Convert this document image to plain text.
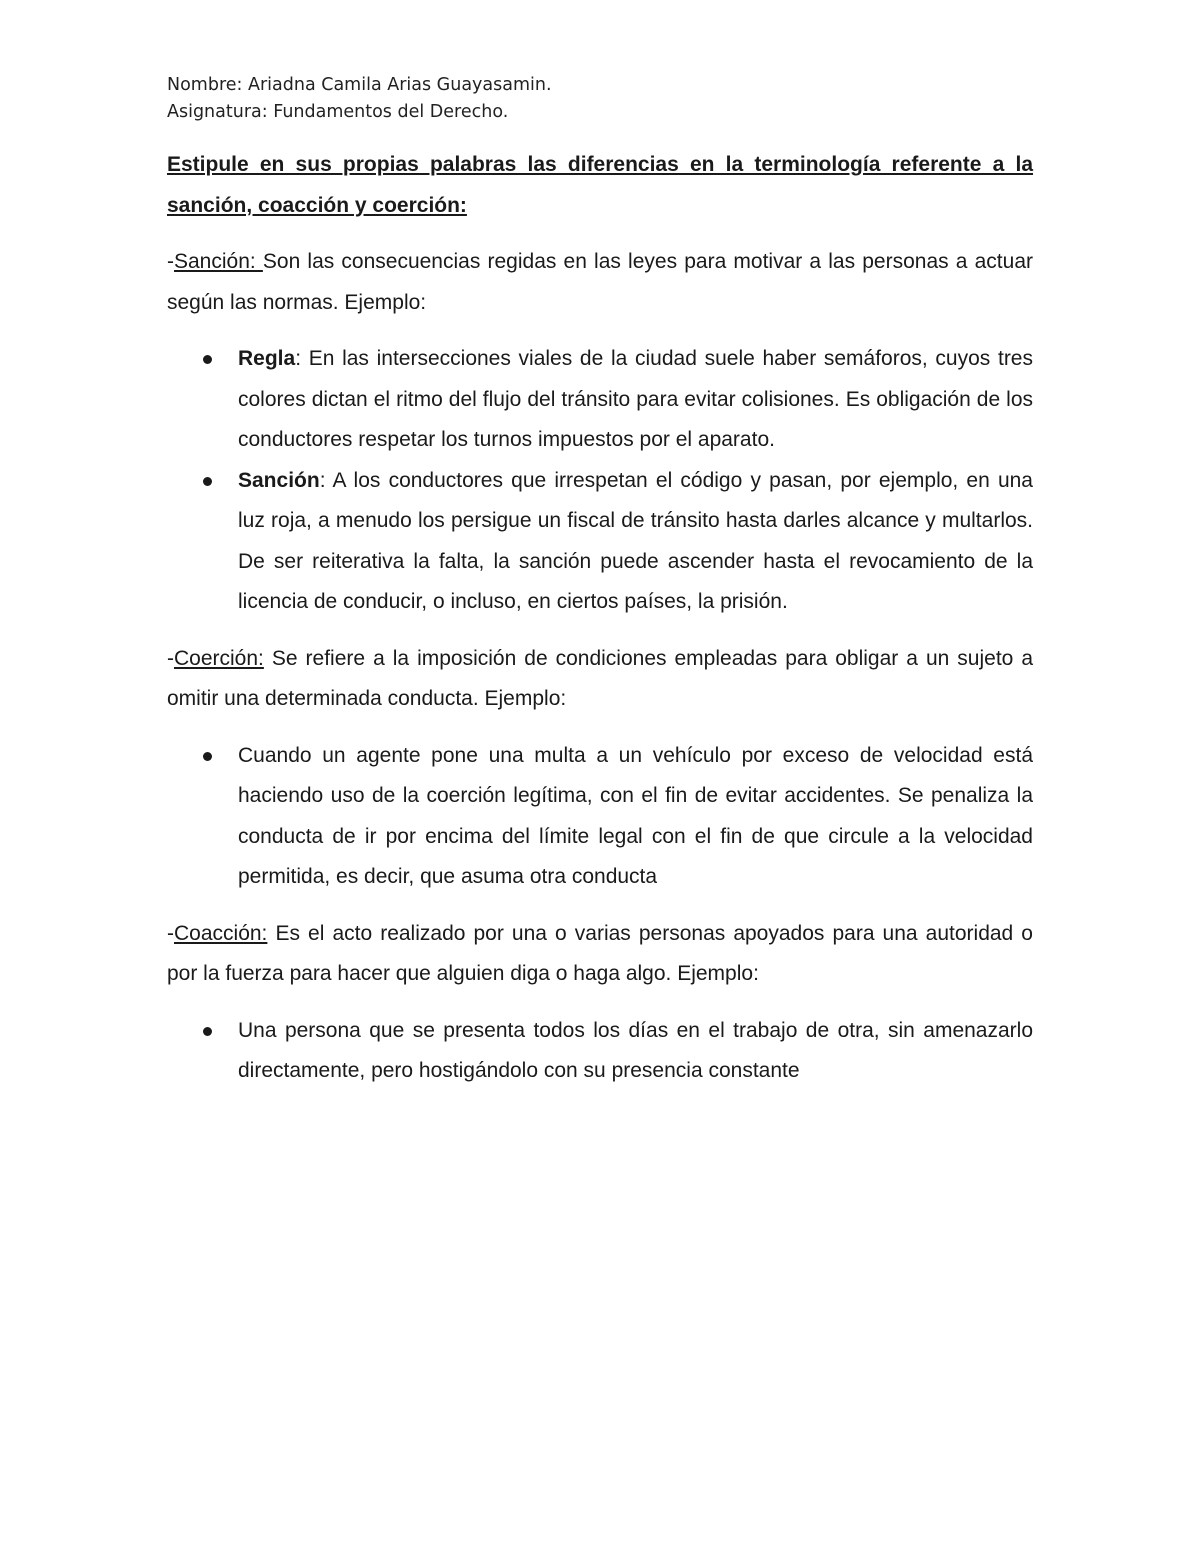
Nombre: Ariadna Camila Arias Guayasamin.
Asignatura: Fundamentos del Derecho.

Estipule en sus propias palabras las diferencias en la terminología referente a la sanción, coacción y coerción:

-Sanción: Son las consecuencias regidas en las leyes para motivar a las personas a actuar según las normas. Ejemplo:

Regla: En las intersecciones viales de la ciudad suele haber semáforos, cuyos tres colores dictan el ritmo del flujo del tránsito para evitar colisiones. Es obligación de los conductores respetar los turnos impuestos por el aparato.
Sanción: A los conductores que irrespetan el código y pasan, por ejemplo, en una luz roja, a menudo los persigue un fiscal de tránsito hasta darles alcance y multarlos. De ser reiterativa la falta, la sanción puede ascender hasta el revocamiento de la licencia de conducir, o incluso, en ciertos países, la prisión.

-Coerción: Se refiere a la imposición de condiciones empleadas para obligar a un sujeto a omitir una determinada conducta. Ejemplo:

Cuando un agente pone una multa a un vehículo por exceso de velocidad está haciendo uso de la coerción legítima, con el fin de evitar accidentes. Se penaliza la conducta de ir por encima del límite legal con el fin de que circule a la velocidad permitida, es decir, que asuma otra conducta

-Coacción: Es el acto realizado por una o varias personas apoyados para una autoridad o por la fuerza para hacer que alguien diga o haga algo. Ejemplo:

Una persona que se presenta todos los días en el trabajo de otra, sin amenazarlo directamente, pero hostigándolo con su presencia constante
